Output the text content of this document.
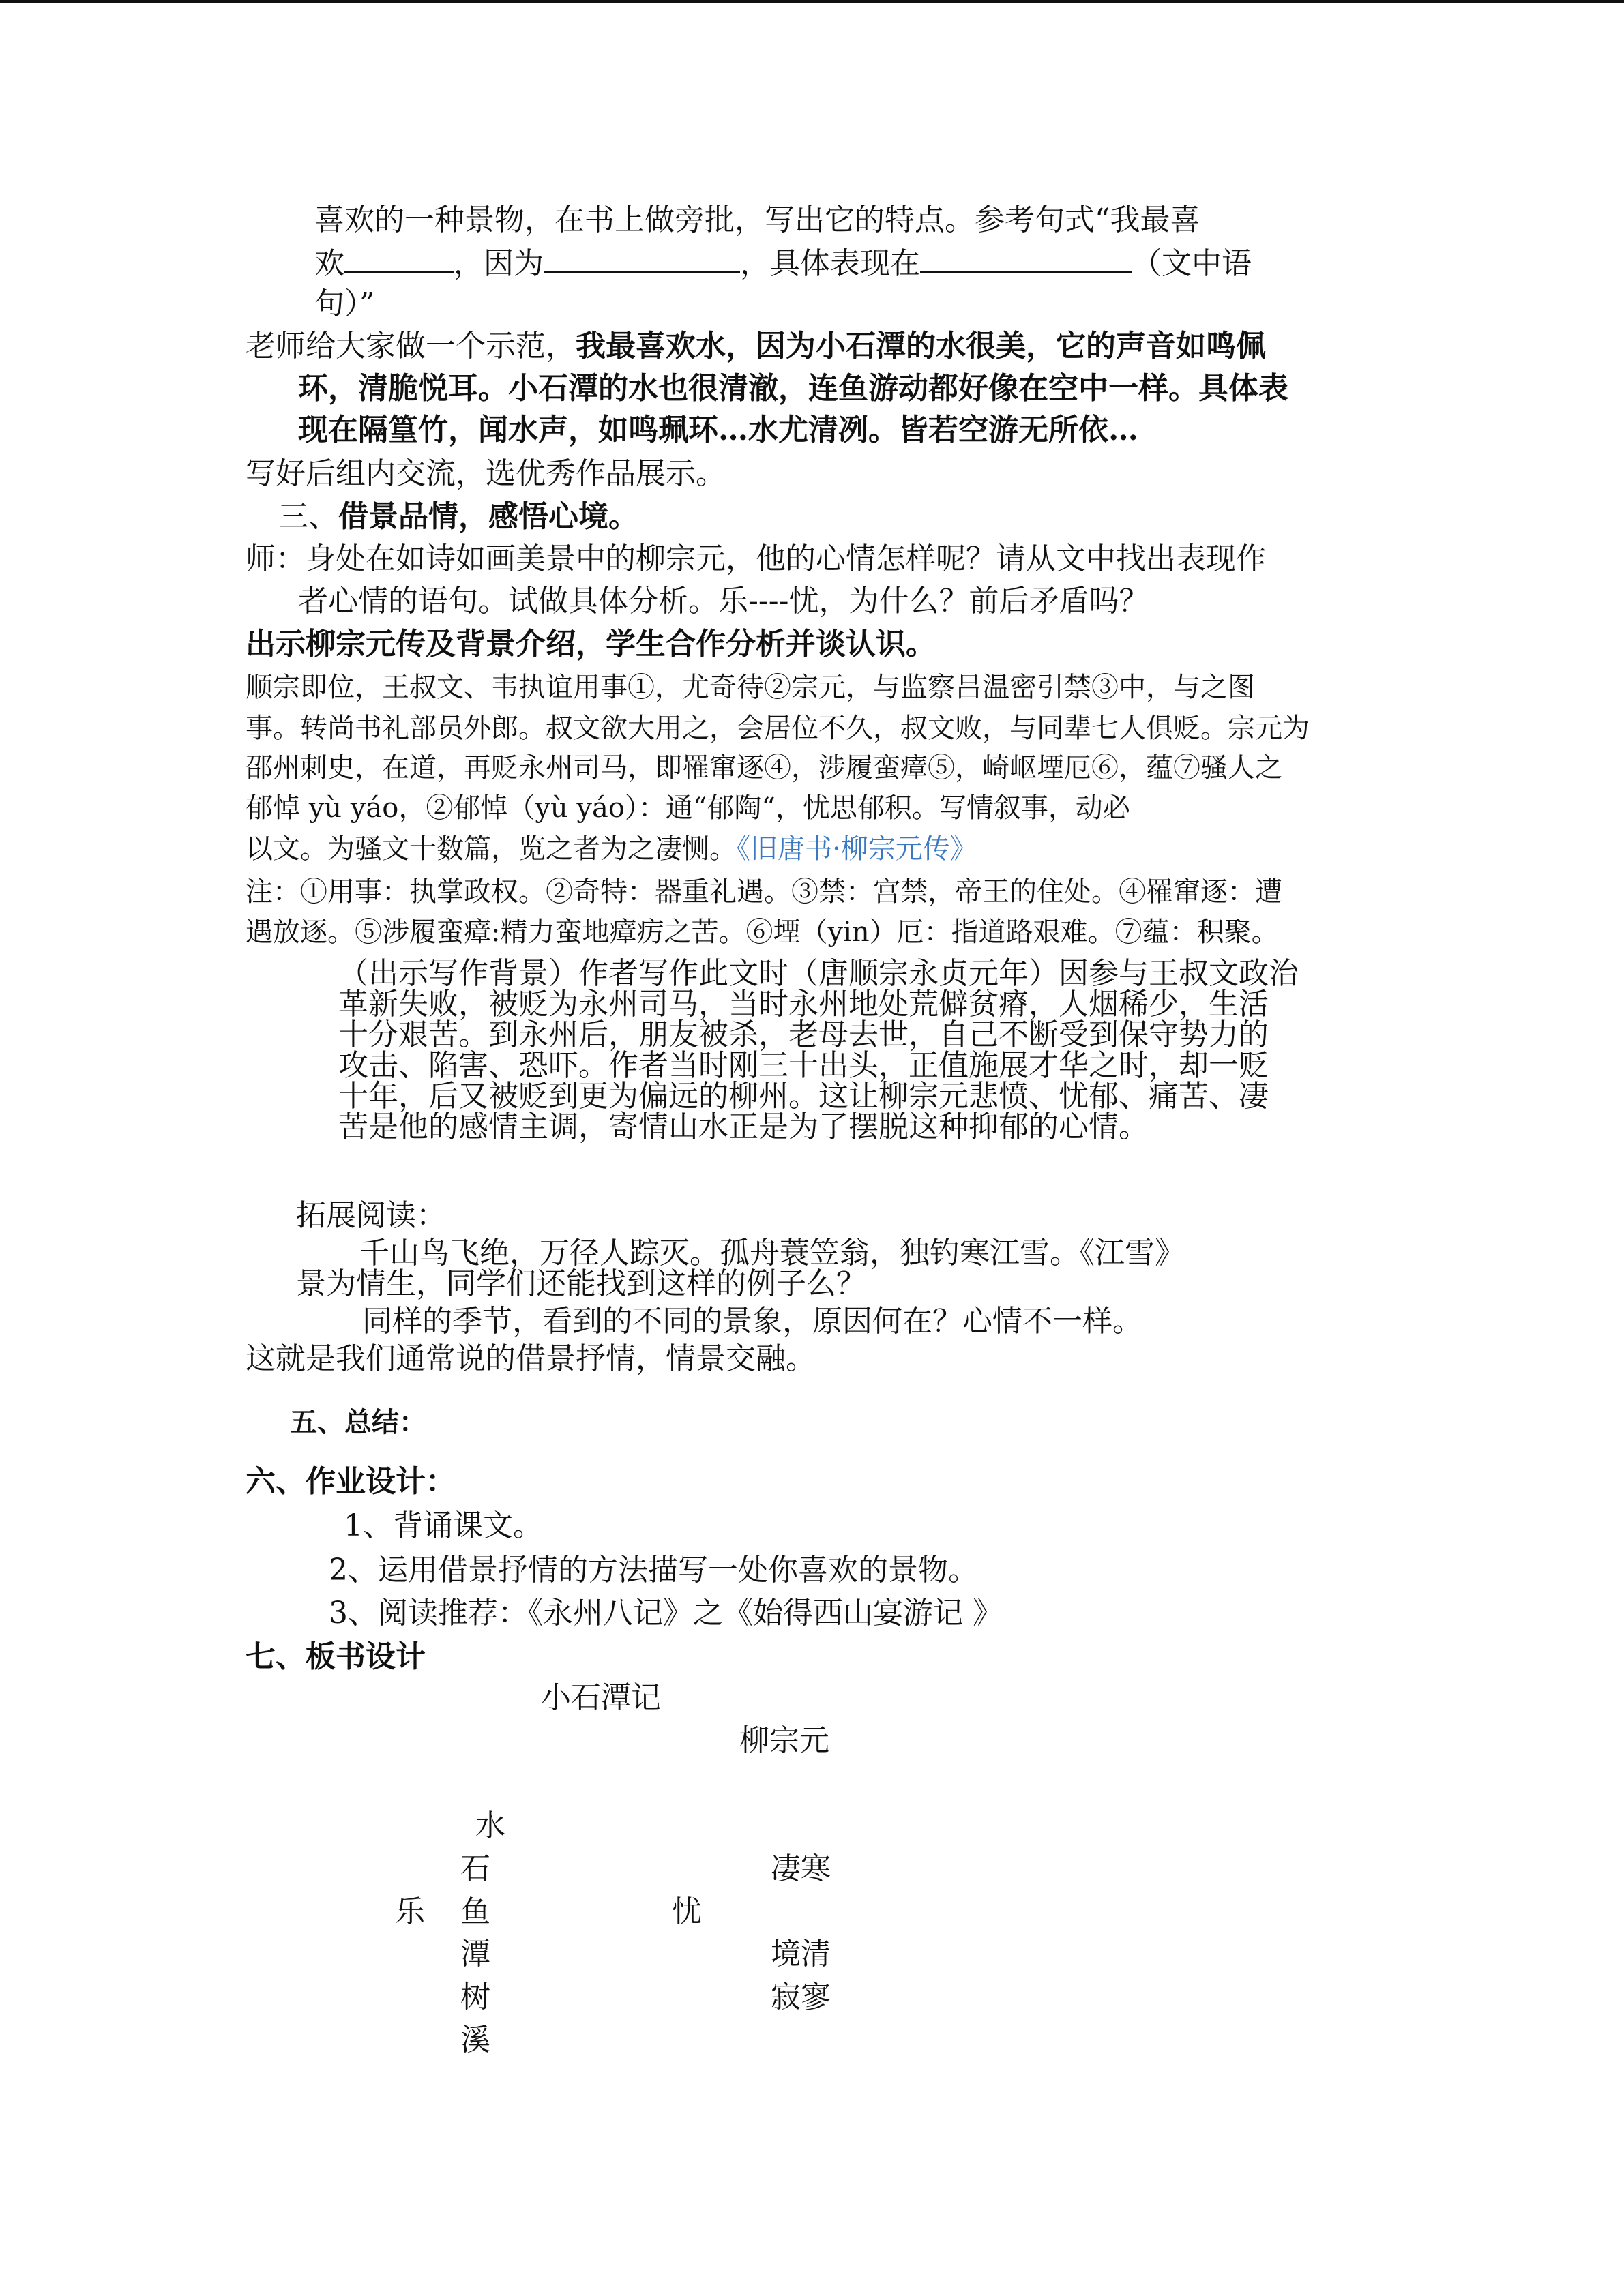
喜欢的一种景物，在书上做旁批，写出它的特点。参考句式“我最喜
欢	，因为	，具体表现在	（文中语
句）”
老师给大家做一个示范，我最喜欢水，因为小石潭的水很美，它的声音如鸣佩
环，清脆悦耳。小石潭的水也很清澈，连鱼游动都好像在空中一样。具体表
现在隔篁竹，闻水声，如鸣珮环…水尤清冽。皆若空游无所依…
写好后组内交流，选优秀作品展示。
三、借景品情，感悟心境。
师：身处在如诗如画美景中的柳宗元，他的心情怎样呢？请从文中找出表现作
者心情的语句。试做具体分析。乐----忧，为什么？前后矛盾吗？
出示柳宗元传及背景介绍，学生合作分析并谈认识。
顺宗即位，王叔文、韦执谊用事①，尤奇待②宗元，与监察吕温密引禁③中，与之图
事。转尚书礼部员外郎。叔文欲大用之，会居位不久，叔文败，与同辈七人俱贬。宗元为
邵州刺史，在道，再贬永州司马，即罹窜逐④，涉履蛮瘴⑤，崎岖堙厄⑥，蕴⑦骚人之
郁悼 yù yáo，②郁悼（yù yáo）：通“郁陶“，忧思郁积。写情叙事，动必
以文。为骚文十数篇，览之者为之凄恻。《旧唐书·柳宗元传》
注：①用事：执掌政权。②奇特：器重礼遇。③禁：宫禁，帝王的住处。④罹窜逐：遭
遇放逐。⑤涉履蛮瘴:精力蛮地瘴疠之苦。⑥堙（yin）厄：指道路艰难。⑦蕴：积聚。
（出示写作背景）作者写作此文时（唐顺宗永贞元年）因参与王叔文政治
革新失败，被贬为永州司马，当时永州地处荒僻贫瘠，人烟稀少，生活
十分艰苦。到永州后，朋友被杀，老母去世，自己不断受到保守势力的
攻击、陷害、恐吓。作者当时刚三十出头，正值施展才华之时，却一贬
十年，后又被贬到更为偏远的柳州。这让柳宗元悲愤、忧郁、痛苦、凄
苦是他的感情主调，寄情山水正是为了摆脱这种抑郁的心情。
拓展阅读：
千山鸟飞绝，万径人踪灭。孤舟蓑笠翁，独钓寒江雪。《江雪》
景为情生，同学们还能找到这样的例子么？
同样的季节，看到的不同的景象，原因何在？心情不一样。
这就是我们通常说的借景抒情，情景交融。
五、总结：
六、作业设计：
1、背诵课文。
2、运用借景抒情的方法描写一处你喜欢的景物。
3、阅读推荐：《永州八记》之《始得西山宴游记 》
七、板书设计
小石潭记
柳宗元
水
石
鱼
潭
树
溪
乐	忧
凄寒
境清
寂寥
